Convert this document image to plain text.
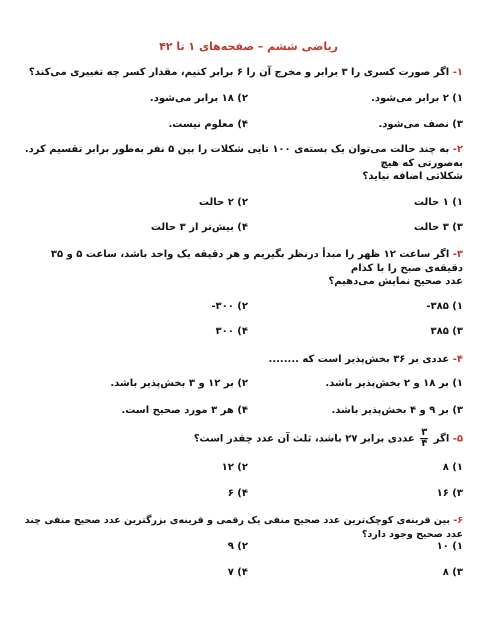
ریاضی ششم – صفحه‌های ۱ تا ۴۲
۱- اگر صورت کسری را ۳ برابر و مخرج آن را ۶ برابر کنیم، مقدار کسر چه تغییری می‌کند؟
۱) ۲ برابر می‌شود.
۲) ۱۸ برابر می‌شود.
۳) نصف می‌شود.
۴) معلوم نیست.
۲- به چند حالت می‌توان یک بسته‌ی ۱۰۰ تایی شکلات را بین ۵ نفر به‌طور برابر تقسیم کرد. به‌صورتی که هیچ
شکلاتی اضافه نیاید؟
۱) ۱ حالت
۲) ۲ حالت
۳) ۳ حالت
۴) بیش‌تر از ۳ حالت
۳- اگر ساعت ۱۲ ظهر را مبدأ درنظر بگیریم و هر دقیقه یک واحد باشد، ساعت ۵ و ۳۵ دقیقه‌ی صبح را با کدام
عدد صحیح نمایش می‌دهیم؟
۱) ۳۸۵-
۲) ۳۰۰-
۳) ۳۸۵
۴) ۳۰۰
۴- عددی بر ۳۶ بخش‌پذیر است که ........
۱) بر ۱۸ و ۲ بخش‌پذیر باشد.
۲) بر ۱۲ و ۳ بخش‌پذیر باشد.
۳) بر ۹ و ۴ بخش‌پذیر باشد.
۴) هر ۳ مورد صحیح است.
۵- اگر
$\frac{۳}{۴}$
عددی برابر ۲۷ باشد، ثلث آن عدد چقدر است؟
۱) ۸
۲) ۱۲
۳) ۱۶
۴) ۶
۶- بین قرینه‌ی کوچک‌ترین عدد صحیح منفی یک رقمی و قرینه‌ی بزرگترین عدد صحیح منفی چند عدد صحیح وجود دارد؟
۱) ۱۰
۲) ۹
۳) ۸
۴) ۷
